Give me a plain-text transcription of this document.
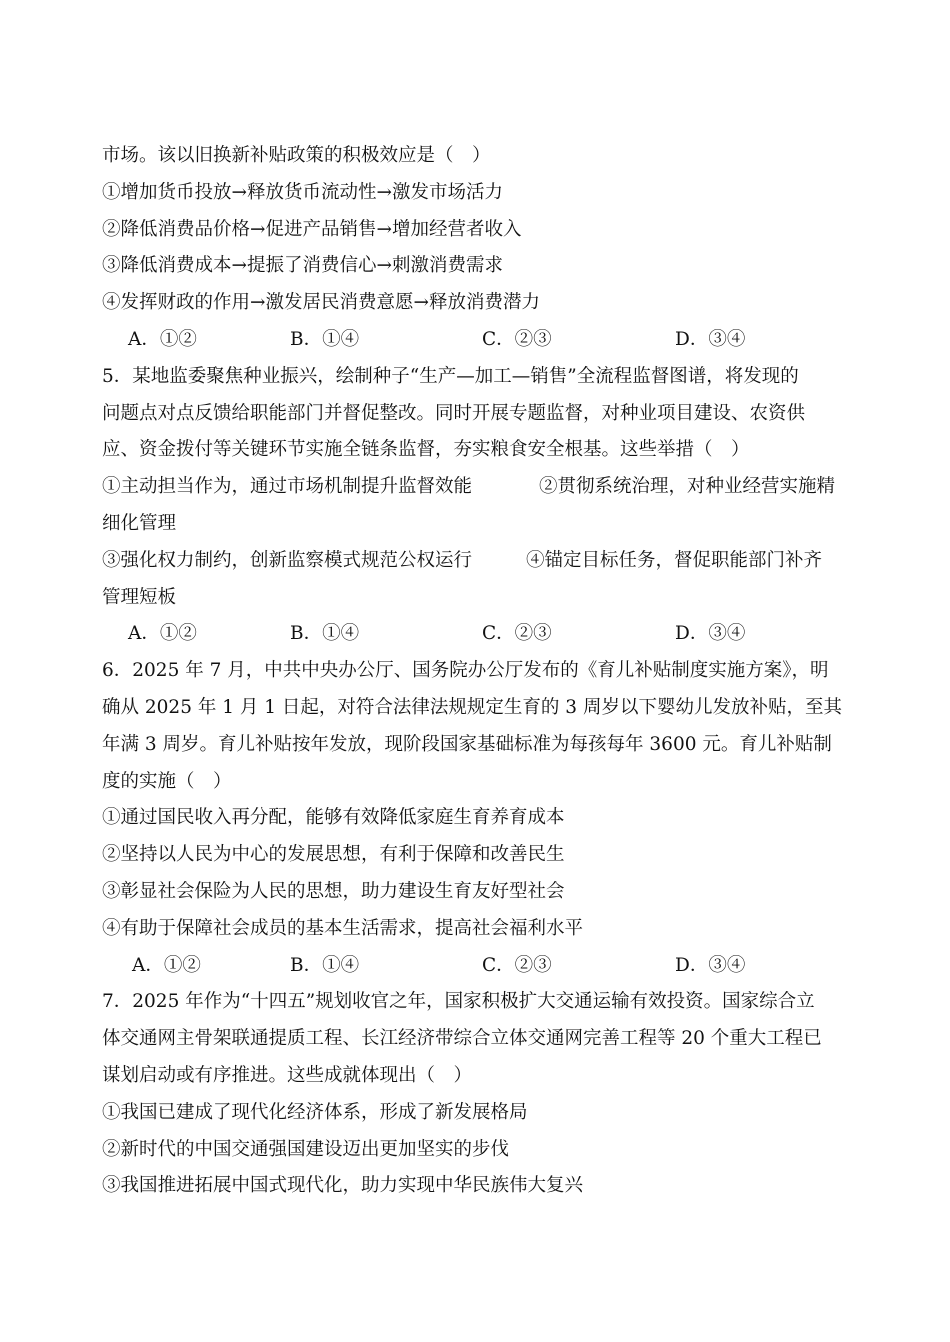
市场。该以旧换新补贴政策的积极效应是（　）
①增加货币投放→释放货币流动性→激发市场活力
②降低消费品价格→促进产品销售→增加经营者收入
③降低消费成本→提振了消费信心→刺激消费需求
④发挥财政的作用→激发居民消费意愿→释放消费潜力
A．①②	B．①④	C．②③	D．③④
5．某地监委聚焦种业振兴，绘制种子“生产—加工—销售”全流程监督图谱，将发现的
问题点对点反馈给职能部门并督促整改。同时开展专题监督，对种业项目建设、农资供
应、资金拨付等关键环节实施全链条监督，夯实粮食安全根基。这些举措（　）
①主动担当作为，通过市场机制提升监督效能	②贯彻系统治理，对种业经营实施精
细化管理
③强化权力制约，创新监察模式规范公权运行	④锚定目标任务，督促职能部门补齐
管理短板
A．①②	B．①④	C．②③	D．③④
6．2025 年 7 月，中共中央办公厅、国务院办公厅发布的《育儿补贴制度实施方案》，明
确从 2025 年 1 月 1 日起，对符合法律法规规定生育的 3 周岁以下婴幼儿发放补贴，至其
年满 3 周岁。育儿补贴按年发放，现阶段国家基础标准为每孩每年 3600 元。育儿补贴制
度的实施（　）
①通过国民收入再分配，能够有效降低家庭生育养育成本
②坚持以人民为中心的发展思想，有利于保障和改善民生
③彰显社会保险为人民的思想，助力建设生育友好型社会
④有助于保障社会成员的基本生活需求，提高社会福利水平
A．①②	B．①④	C．②③	D．③④
7．2025 年作为“十四五”规划收官之年，国家积极扩大交通运输有效投资。国家综合立
体交通网主骨架联通提质工程、长江经济带综合立体交通网完善工程等 20 个重大工程已
谋划启动或有序推进。这些成就体现出（　）
①我国已建成了现代化经济体系，形成了新发展格局
②新时代的中国交通强国建设迈出更加坚实的步伐
③我国推进拓展中国式现代化，助力实现中华民族伟大复兴
